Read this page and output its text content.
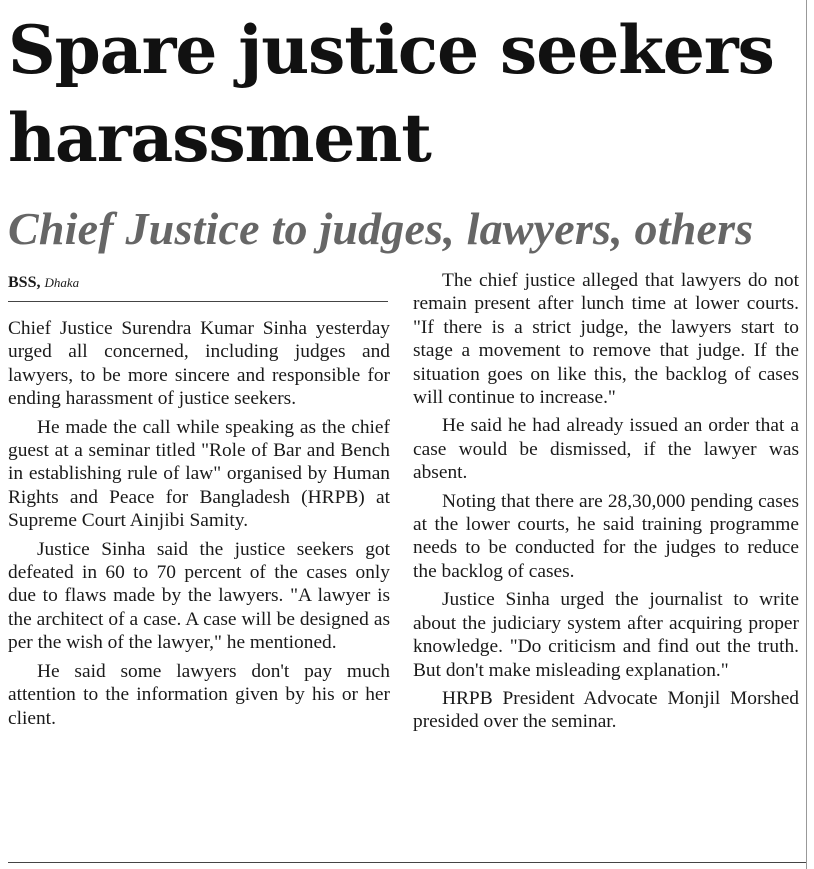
Spare justice seekers harassment
Chief Justice to judges, lawyers, others
BSS, Dhaka

Chief Justice Surendra Kumar Sinha yesterday urged all concerned, including judges and lawyers, to be more sincere and responsible for ending harassment of justice seekers.

He made the call while speaking as the chief guest at a seminar titled "Role of Bar and Bench in establishing rule of law" organised by Human Rights and Peace for Bangladesh (HRPB) at Supreme Court Ainjibi Samity.

Justice Sinha said the justice seekers got defeated in 60 to 70 percent of the cases only due to flaws made by the lawyers. "A lawyer is the architect of a case. A case will be designed as per the wish of the lawyer," he mentioned.

He said some lawyers don't pay much attention to the information given by his or her client.

The chief justice alleged that lawyers do not remain present after lunch time at lower courts. "If there is a strict judge, the lawyers start to stage a movement to remove that judge. If the situation goes on like this, the backlog of cases will continue to increase."

He said he had already issued an order that a case would be dismissed, if the lawyer was absent.

Noting that there are 28,30,000 pending cases at the lower courts, he said training programme needs to be conducted for the judges to reduce the backlog of cases.

Justice Sinha urged the journalist to write about the judiciary system after acquiring proper knowledge. "Do criticism and find out the truth. But don't make misleading explanation."

HRPB President Advocate Monjil Morshed presided over the seminar.
